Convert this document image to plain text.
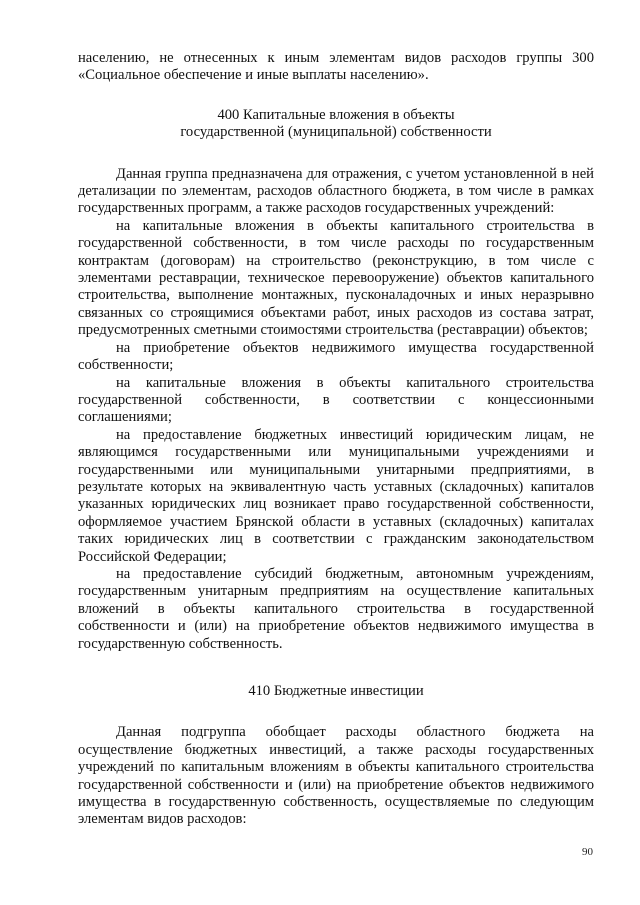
населению, не отнесенных к иным элементам видов расходов группы 300 «Социальное обеспечение и иные выплаты населению».

400 Капитальные вложения в объекты
государственной (муниципальной) собственности

Данная группа предназначена для отражения, с учетом установленной в ней детализации по элементам, расходов областного бюджета, в том числе в рамках государственных программ, а также расходов государственных учреждений:

на капитальные вложения в объекты капитального строительства в государственной собственности, в том числе расходы по государственным контрактам (договорам) на строительство (реконструкцию, в том числе с элементами реставрации, техническое перевооружение) объектов капитального строительства, выполнение монтажных, пусконаладочных и иных неразрывно связанных со строящимися объектами работ, иных расходов из состава затрат, предусмотренных сметными стоимостями строительства (реставрации) объектов;

на приобретение объектов недвижимого имущества государственной собственности;

на капитальные вложения в объекты капитального строительства государственной собственности, в соответствии с концессионными соглашениями;

на предоставление бюджетных инвестиций юридическим лицам, не являющимся государственными или муниципальными учреждениями и государственными или муниципальными унитарными предприятиями, в результате которых на эквивалентную часть уставных (складочных) капиталов указанных юридических лиц возникает право государственной собственности, оформляемое участием Брянской области в уставных (складочных) капиталах таких юридических лиц в соответствии с гражданским законодательством Российской Федерации;

на предоставление субсидий бюджетным, автономным учреждениям, государственным унитарным предприятиям на осуществление капитальных вложений в объекты капитального строительства в государственной собственности и (или) на приобретение объектов недвижимого имущества в государственную собственность.

410 Бюджетные инвестиции

Данная подгруппа обобщает расходы областного бюджета на осуществление бюджетных инвестиций, а также расходы государственных учреждений по капитальным вложениям в объекты капитального строительства государственной собственности и (или) на приобретение объектов недвижимого имущества в государственную собственность, осуществляемые по следующим элементам видов расходов:

90
